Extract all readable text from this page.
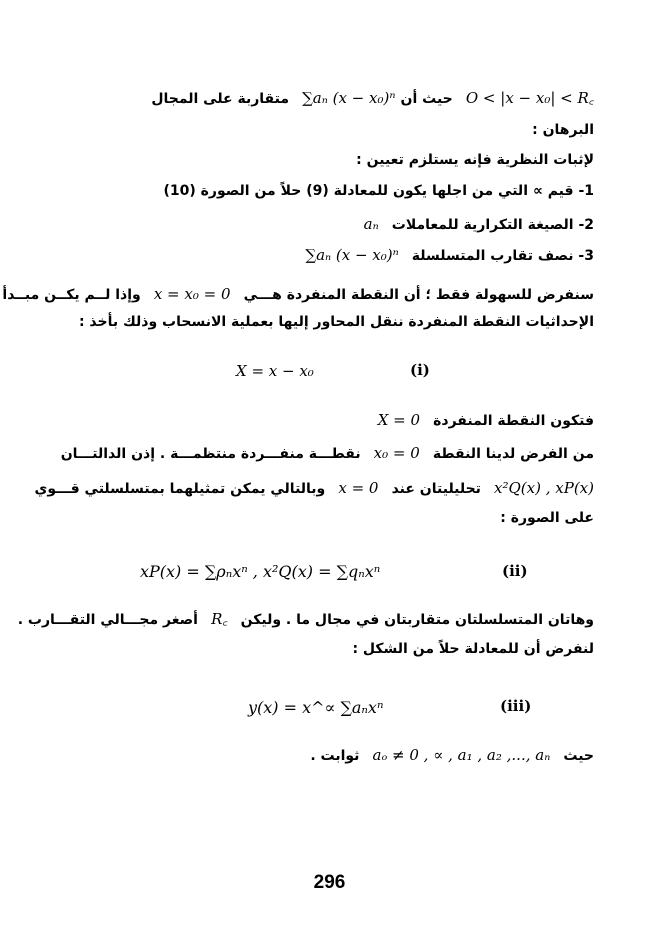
حيث أن ∑aₙ (x − x₀)ⁿ متقاربة على المجال	O < |x − x₀| < R꜀
البرهان :
لإثبات النظرية فإنه يستلزم تعيين :
1- قيم ∝ التي من اجلها يكون للمعادلة (9) حلاً من الصورة (10)
2- الصيغة التكرارية للمعاملات aₙ
3- نصف تقارب المتسلسلة ∑aₙ (x − x₀)ⁿ
سنفرض للسهولة فقط ؛ أن النقطة المنفردة هـــي x = x₀ = 0 وإذا لــم يكــن مبــدأ
الإحداثيات النقطة المنفردة ننقل المحاور إليها بعملية الانسحاب وذلك بأخذ :
X = x − x₀	(i)
فتكون النقطة المنفردة X = 0
من الفرض لدينا النقطة x₀ = 0 نقطـــة منفـــردة منتظمـــة . إذن الدالتـــان
x²Q(x) , xP(x) تحليليتان عند x = 0 وبالتالي يمكن تمثيلهما بمتسلسلتي قـــوي
على الصورة :
xP(x) = ∑ρₙxⁿ , x²Q(x) = ∑qₙxⁿ	(ii)
وهاتان المتسلسلتان متقاربتان في مجال ما . وليكن R꜀ أصغر مجـــالي التقـــارب .
لنفرض أن للمعادلة حلاً من الشكل :
y(x) = x^∝ ∑aₙxⁿ	(iii)
حيث aₒ ≠ 0 , ∝ , a₁ , a₂ ,..., aₙ ثوابت .
296
